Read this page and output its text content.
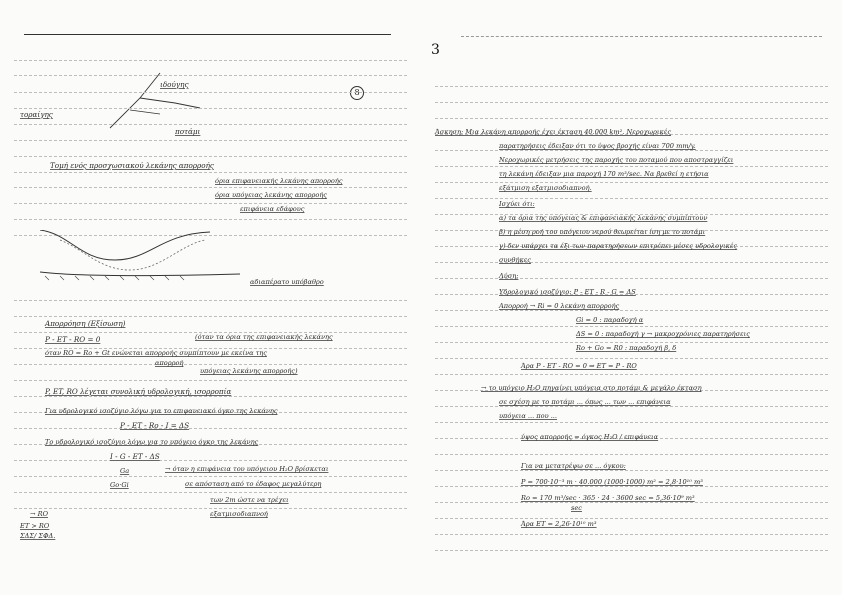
ιδούγης
τοραίγης
ποτάμι
8
Τομή ενός προσχωσιακού λεκάνης απορροής
όρια επιφανειακής λεκάνης απορροής
όρια υπόγειας λεκάνης απορροής
επιφάνεια εδάφους
αδιαπέρατο υπόβαθρο
Απορρόηση (Εξίσωση)
P - ET - RO = 0	(όταν τα όρια της επιφανειακής λεκάνης
όταν RO = Ro + Gt ενώνεται απορροής συμπίπτουν με εκείνα της
απορροή
υπόγειας λεκάνης απορροής)
P, ET, RO λέγεται συνολική υδρολογική, ισορροπία
Για υδρολογικό ισοζύγιο λόγω για το επιφανειακό όγκο της λεκάνης
P - ET - Ro - I = ΔS
Το υδρολογικό ισοζύγιο λόγω για το υπόγειο όγκο της λεκάνης
I - G - ET - ΔS
Ga	→ όταν η επιφάνεια του υπόγειου H₂O βρίσκεται
Go·Gi	σε απόσταση από το έδαφος μεγαλύτερη
των 2m ώστε να τρέχει
εξατμισοδιαπνοή
→ RO
ET > RO
ΣΔΣ/ ΣΦΔ.
3
Άσκηση: Μια λεκάνη απορροής έχει έκταση 40.000 km². Νεροχωρικές
παρατηρήσεις έδειξαν ότι το ύψος βροχής είναι 700 mm/y.
Νεροχωρικές μετρήσεις της παροχής του ποταμού που αποστραγγίζει
τη λεκάνη έδειξαν μια παροχή 170 m³/sec. Να βρεθεί η ετήσια
εξάτμιση εξατμισοδιαπνοή.
Ισχύει ότι:
α) τα όρια της υπόγειας & επιφανειακής λεκάνης συμπίπτουν
β) η μέση ροή του υπόγειου νερού θεωρείται ίση με το ποτάμι
γ) δεν υπάρχει τα έξι των παρατηρήσεων επιτρέπει μέσες υδρολογικές
συνθήκες
Λύση:
Υδρολογικό ισοζύγιο: P - ET - R - G = ΔS
Απορροή → Ri = 0 λεκάνη απορροής
Gi = 0 : παραδοχή α
ΔS = 0 : παραδοχή γ → μακροχρόνιες παρατηρήσεις
Ro + Go = R0 : παραδοχή β, δ
Άρα P - ET - RO = 0 ⇒ ET = P - RO
→ το υπόγειο H₂O πηγαίνει υπόγεια στο ποτάμι & μεγάλο έκταση
σε σχέση με το ποτάμι ... όπως ... των ... επιφάνεια
υπόγεια ... που ...
ύψος απορροής = όγκος H₂O / επιφάνεια
Για να μετατρέψω σε ... όγκου:
P = 700·10⁻³ m · 40.000 (1000·1000) m² = 2,8·10¹⁰ m³
Ro = 170 m³/sec · 365 · 24 · 3600 sec = 5,36·10⁹ m³
sec
Άρα ET = 2,26·10¹⁰ m³
